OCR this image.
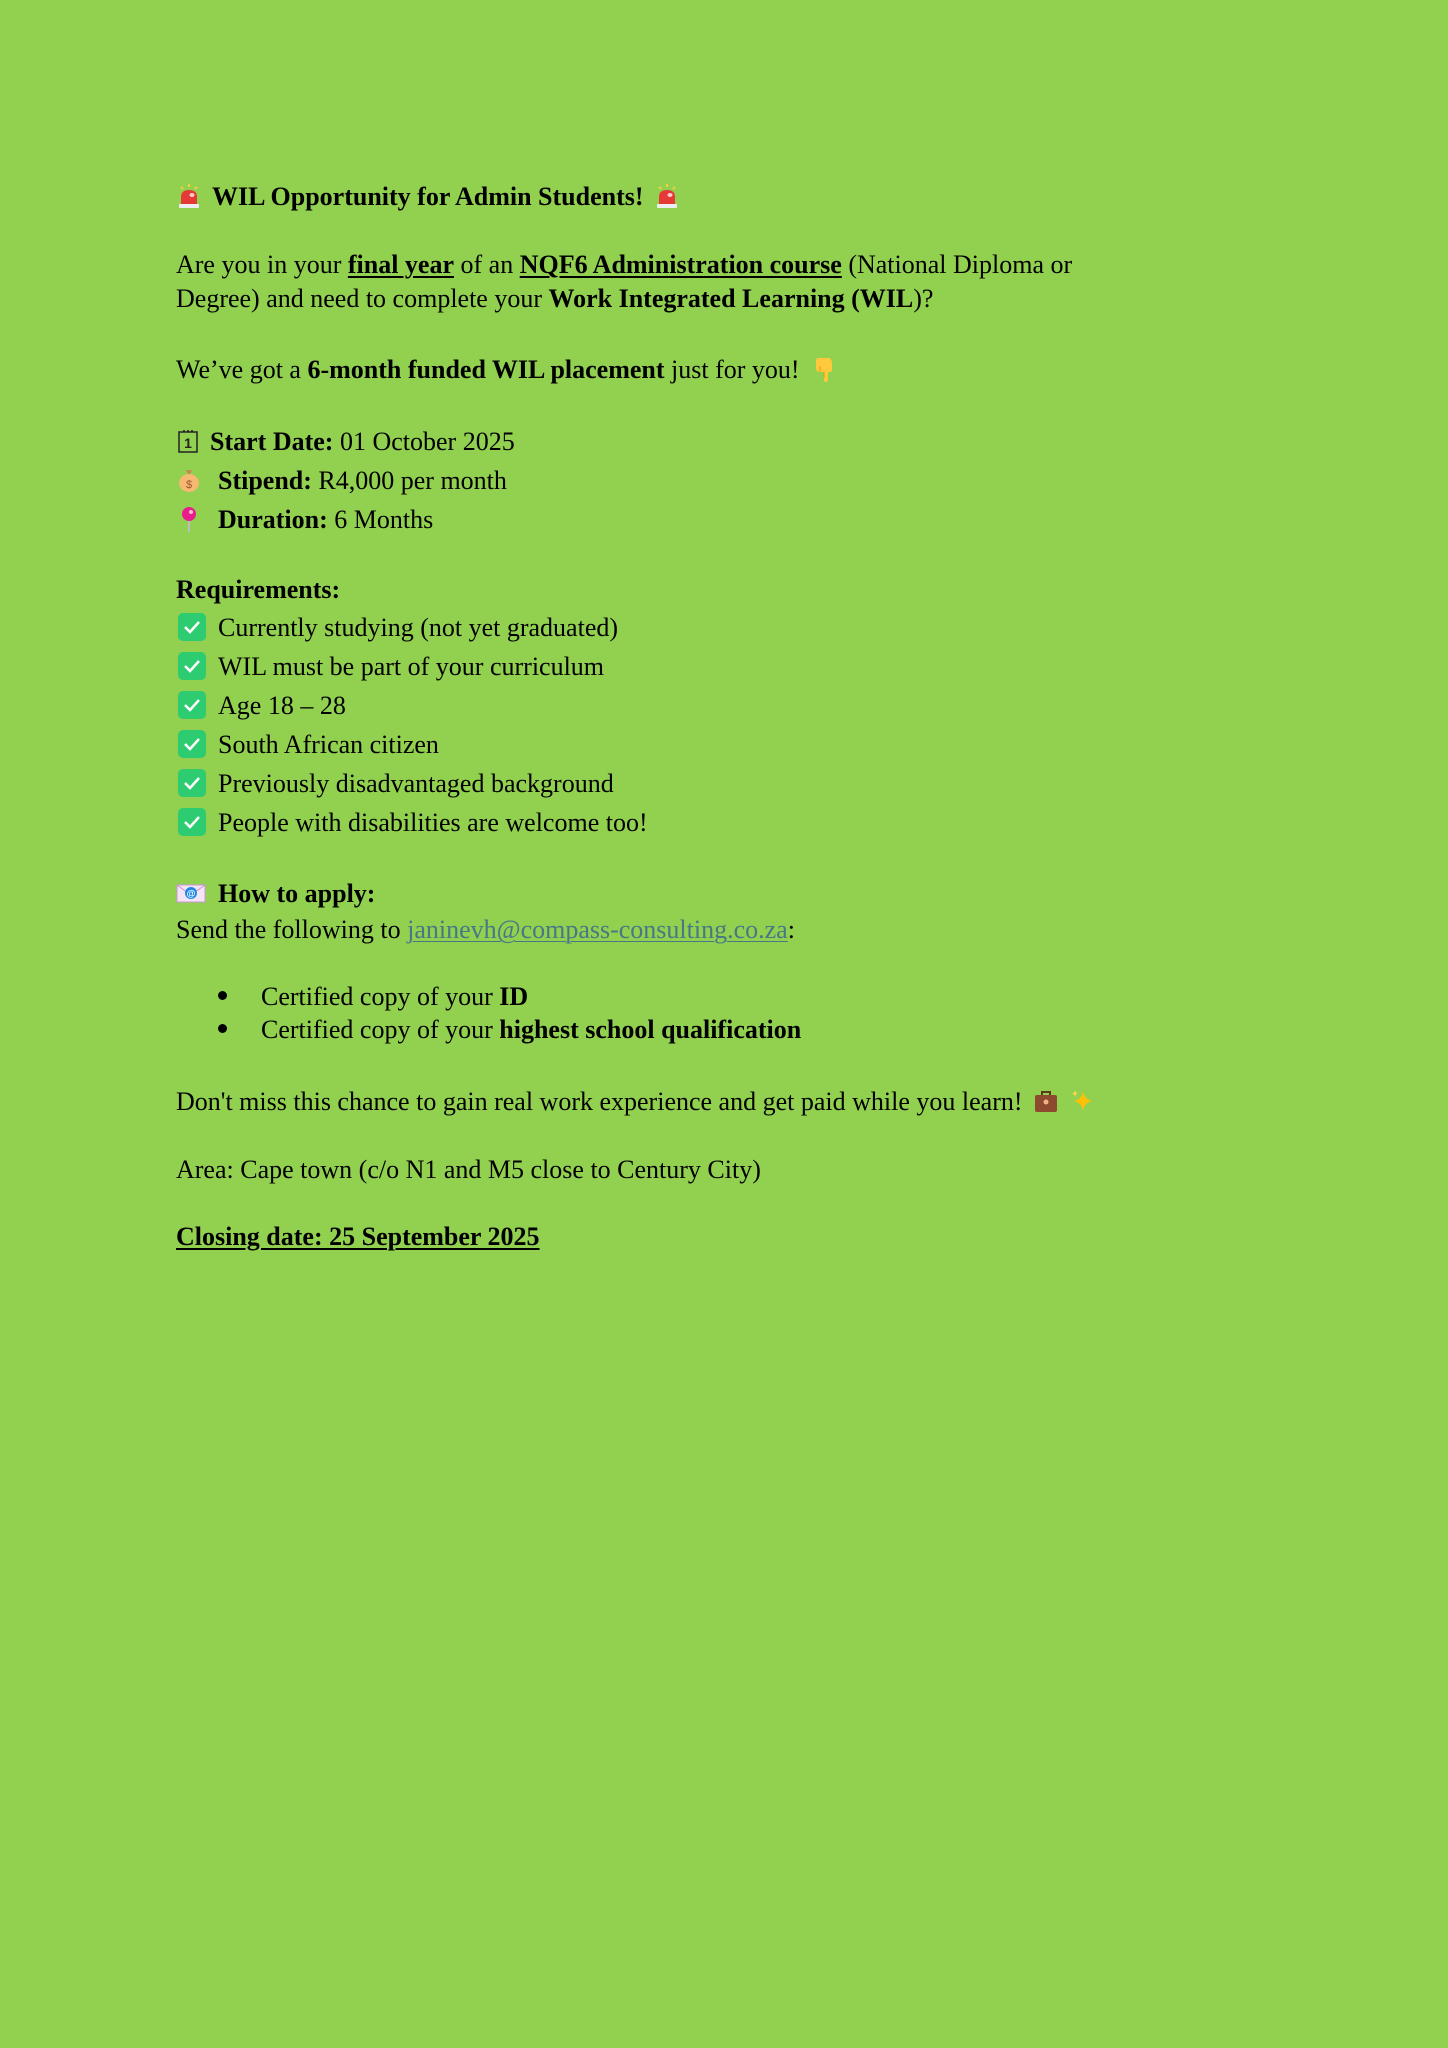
WIL Opportunity for Admin Students!
Are you in your final year of an NQF6 Administration course (National Diploma or
Degree) and need to complete your Work Integrated Learning (WIL)?
We’ve got a 6-month funded WIL placement just for you!
1 Start Date: 01 October 2025
$ Stipend: R4,000 per month
Duration: 6 Months
Requirements:
Currently studying (not yet graduated)
WIL must be part of your curriculum
Age 18 – 28
South African citizen
Previously disadvantaged background
People with disabilities are welcome too!
@ How to apply:
Send the following to janinevh@compass-consulting.co.za:
Certified copy of your ID
Certified copy of your highest school qualification
Don't miss this chance to gain real work experience and get paid while you learn!
Area: Cape town (c/o N1 and M5 close to Century City)
Closing date: 25 September 2025
